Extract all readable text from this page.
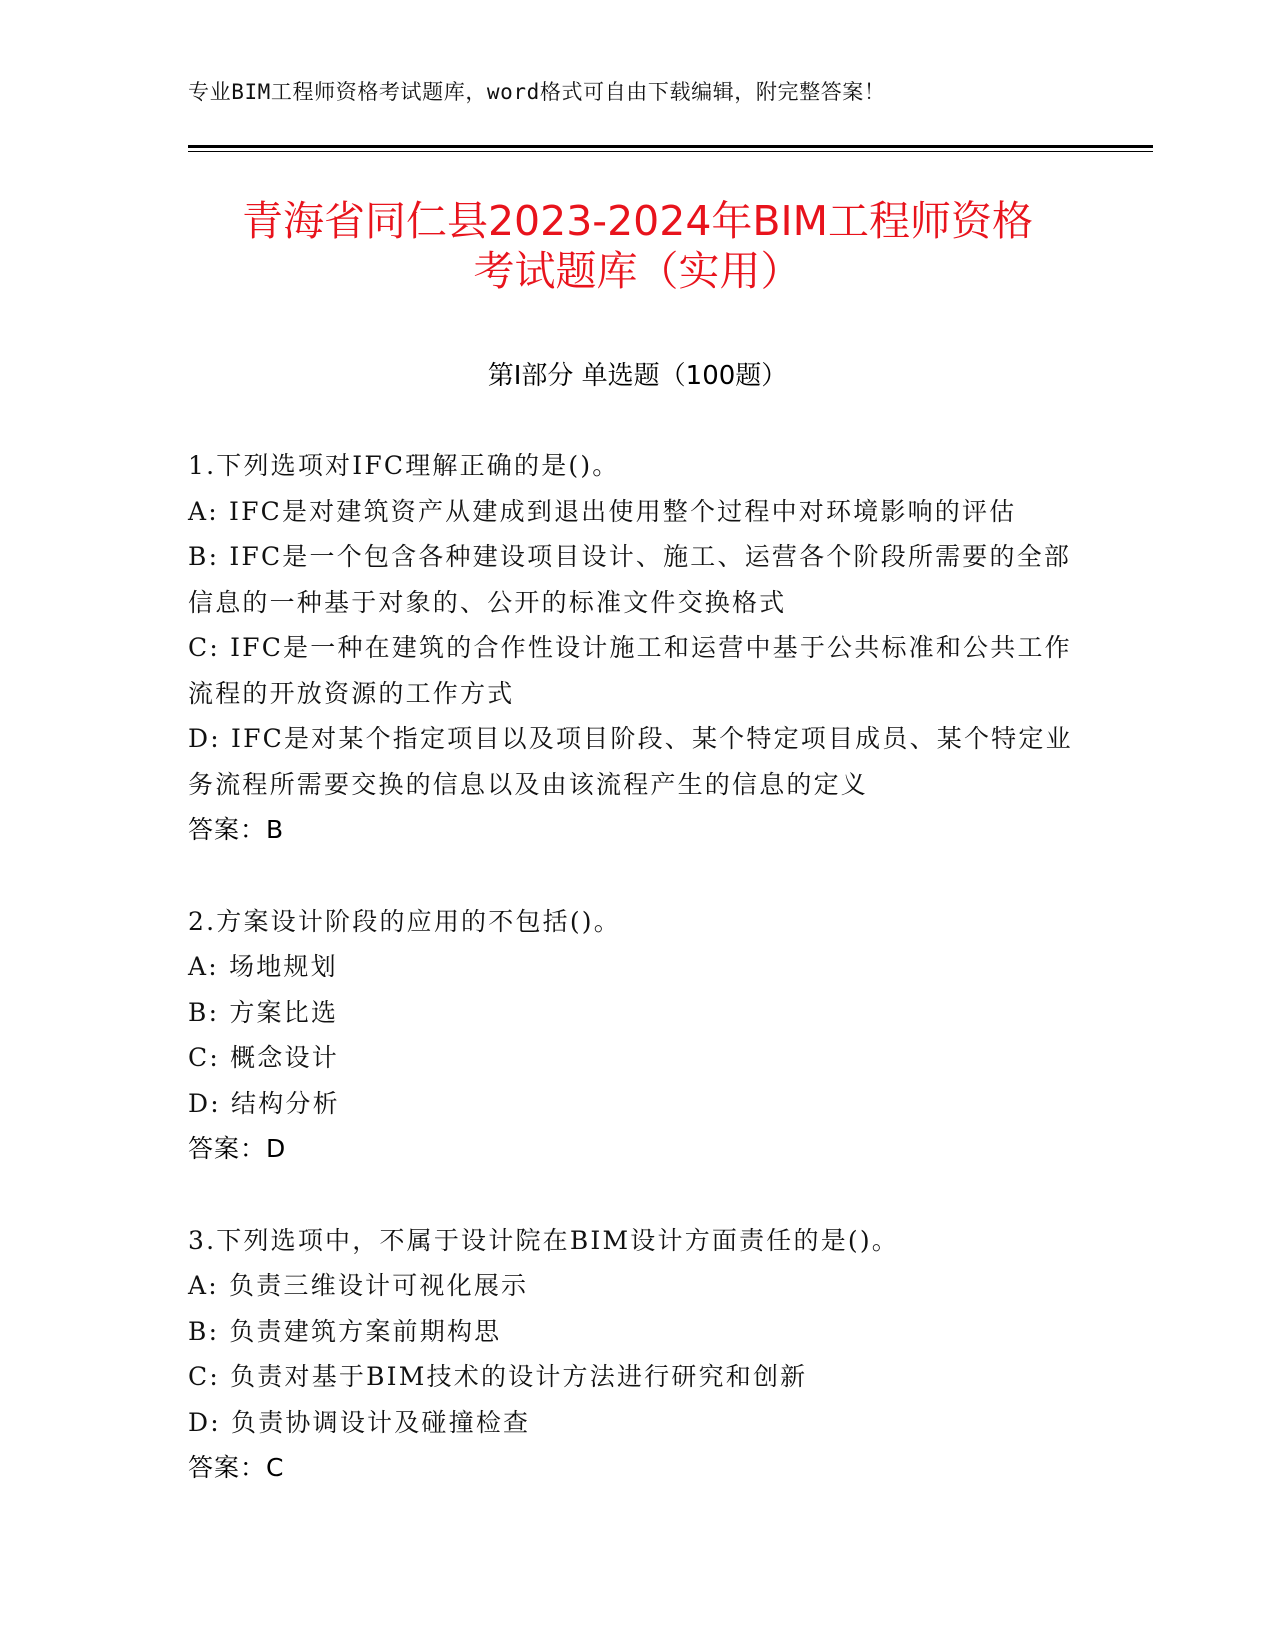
专业BIM工程师资格考试题库，word格式可自由下载编辑，附完整答案！
青海省同仁县2023-2024年BIM工程师资格
考试题库（实用）
第Ⅰ部分 单选题（100题）
1.下列选项对IFC理解正确的是()。
A: IFC是对建筑资产从建成到退出使用整个过程中对环境影响的评估
B: IFC是一个包含各种建设项目设计、施工、运营各个阶段所需要的全部信息的一种基于对象的、公开的标准文件交换格式
C: IFC是一种在建筑的合作性设计施工和运营中基于公共标准和公共工作流程的开放资源的工作方式
D: IFC是对某个指定项目以及项目阶段、某个特定项目成员、某个特定业务流程所需要交换的信息以及由该流程产生的信息的定义
答案：B
2.方案设计阶段的应用的不包括()。
A: 场地规划
B: 方案比选
C: 概念设计
D: 结构分析
答案：D
3.下列选项中，不属于设计院在BIM设计方面责任的是()。
A: 负责三维设计可视化展示
B: 负责建筑方案前期构思
C: 负责对基于BIM技术的设计方法进行研究和创新
D: 负责协调设计及碰撞检查
答案：C
